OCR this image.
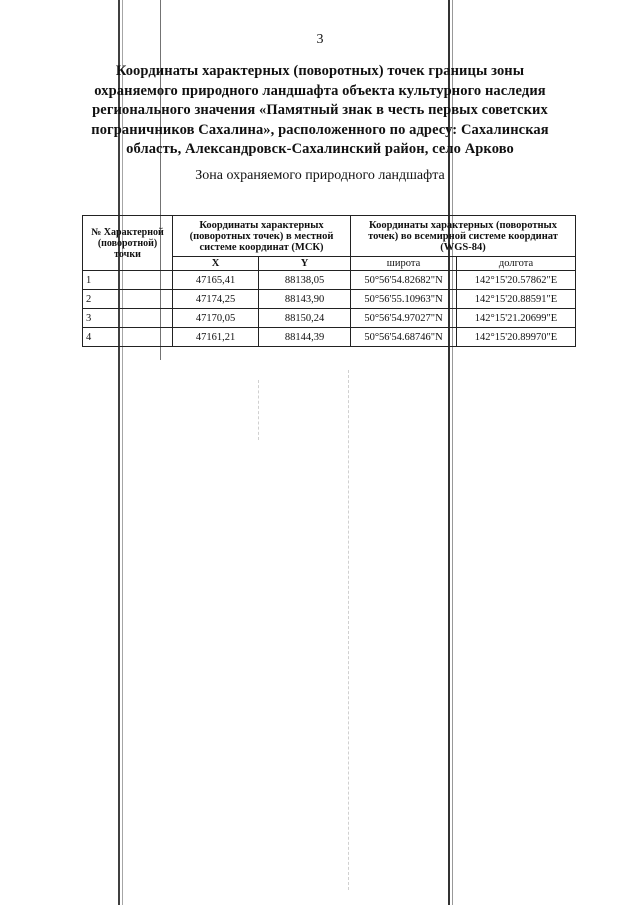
3
Координаты характерных (поворотных) точек границы зоны
охраняемого природного ландшафта объекта культурного наследия
регионального значения «Памятный знак в честь первых советских
пограничников Сахалина», расположенного по адресу: Сахалинская
область, Александровск-Сахалинский район, село Арково
Зона охраняемого природного ландшафта
№ Характерной (поворотной) точки	Координаты характерных (поворотных точек) в местной системе координат (МСК)		Координаты характерных (поворотных точек) во всемирной системе координат (WGS-84)	
	X	Y	широта	долгота
1	47165,41	88138,05	50°56'54.82682"N	142°15'20.57862"E
2	47174,25	88143,90	50°56'55.10963"N	142°15'20.88591"E
3	47170,05	88150,24	50°56'54.97027"N	142°15'21.20699"E
4	47161,21	88144,39	50°56'54.68746"N	142°15'20.89970"E
